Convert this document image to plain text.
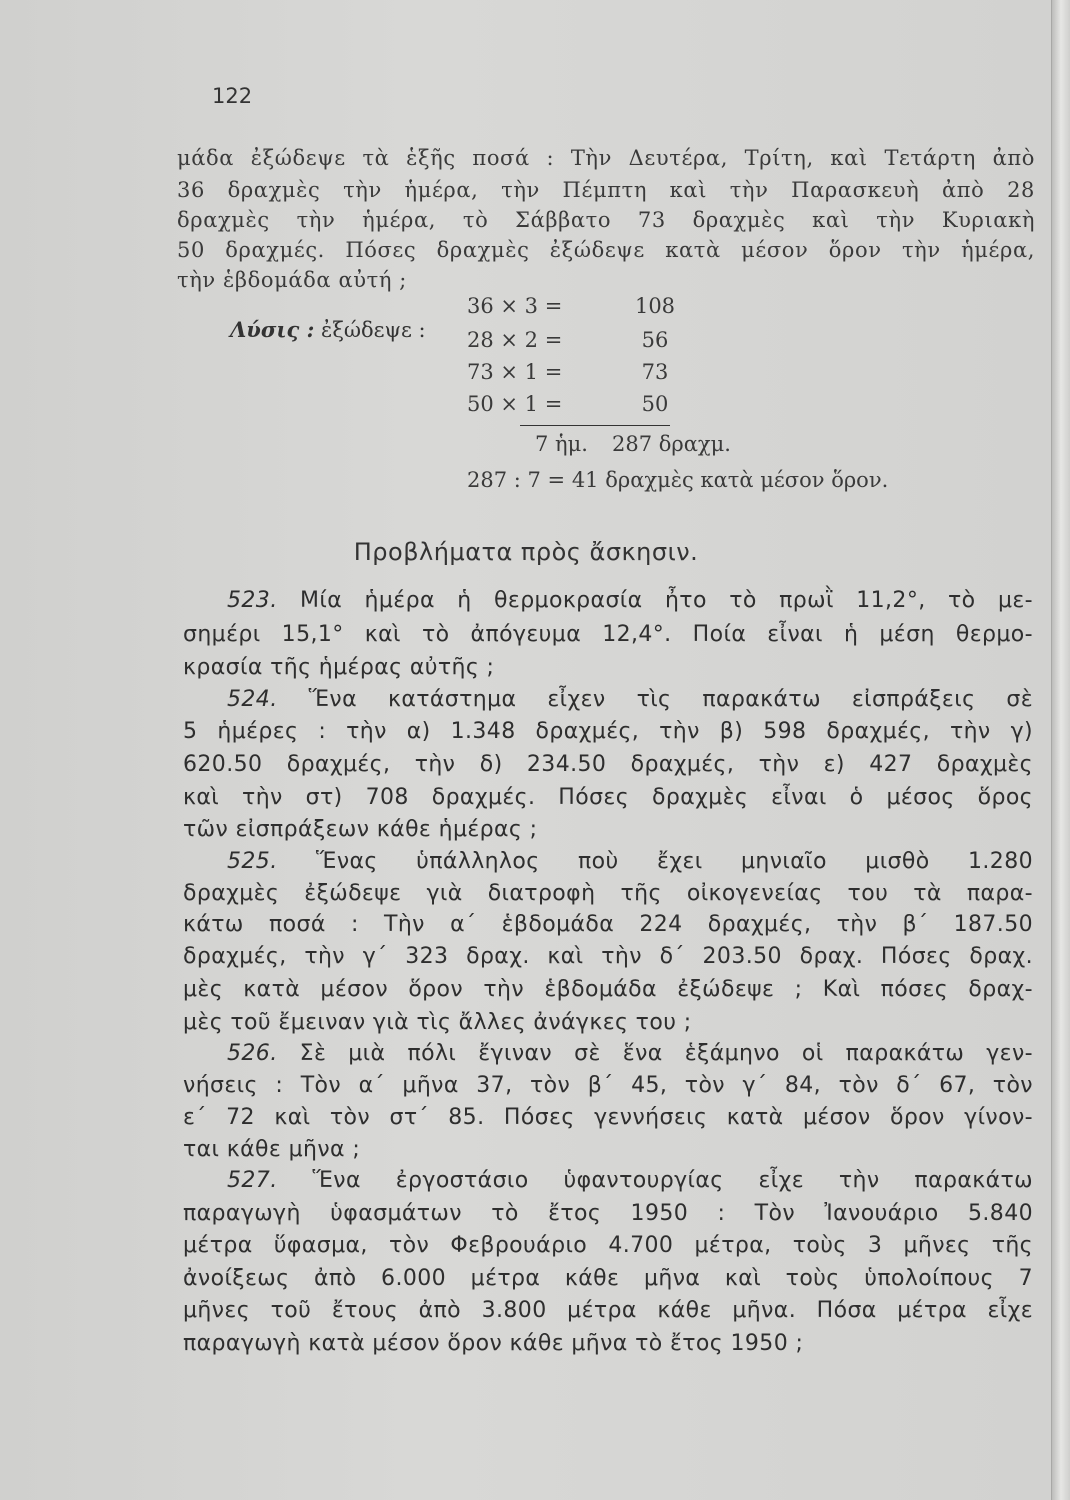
122
μάδα ἐξώδεψε τὰ ἑξῆς ποσά : Τὴν Δευτέρα, Τρίτη, καὶ Τετάρτη ἀπὸ
36 δραχμὲς τὴν ἡμέρα, τὴν Πέμπτη καὶ τὴν Παρασκευὴ ἀπὸ 28
δραχμὲς τὴν ἡμέρα, τὸ Σάββατο 73 δραχμὲς καὶ τὴν Κυριακὴ
50 δραχμές. Πόσες δραχμὲς ἐξώδεψε κατὰ μέσον ὅρον τὴν ἡμέρα,
τὴν ἑβδομάδα αὐτή ;
Λύσις : ἐξώδεψε :
36 × 3 =	108
28 × 2 =	56
73 × 1 =	73
50 × 1 =	50
7 ἡμ. 287 δραχμ.
287 : 7 = 41 δραχμὲς κατὰ μέσον ὅρον.
Προβλήματα πρὸς ἄσκησιν.
523. Μία ἡμέρα ἡ θερμοκρασία ἦτο τὸ πρωῒ 11,2°, τὸ με-
σημέρι 15,1° καὶ τὸ ἀπόγευμα 12,4°. Ποία εἶναι ἡ μέση θερμο-
κρασία τῆς ἡμέρας αὐτῆς ;
524. Ἕνα κατάστημα εἶχεν τὶς παρακάτω εἰσπράξεις σὲ
5 ἡμέρες : τὴν α) 1.348 δραχμές, τὴν β) 598 δραχμές, τὴν γ)
620.50 δραχμές, τὴν δ) 234.50 δραχμές, τὴν ε) 427 δραχμὲς
καὶ τὴν στ) 708 δραχμές. Πόσες δραχμὲς εἶναι ὁ μέσος ὅρος
τῶν εἰσπράξεων κάθε ἡμέρας ;
525. Ἕνας ὑπάλληλος ποὺ ἔχει μηνιαῖο μισθὸ 1.280
δραχμὲς ἐξώδεψε γιὰ διατροφὴ τῆς οἰκογενείας του τὰ παρα-
κάτω ποσά : Τὴν α΄ ἑβδομάδα 224 δραχμές, τὴν β΄ 187.50
δραχμές, τὴν γ΄ 323 δραχ. καὶ τὴν δ΄ 203.50 δραχ. Πόσες δραχ.
μὲς κατὰ μέσον ὅρον τὴν ἑβδομάδα ἐξώδεψε ; Καὶ πόσες δραχ-
μὲς τοῦ ἔμειναν γιὰ τὶς ἄλλες ἀνάγκες του ;
526. Σὲ μιὰ πόλι ἔγιναν σὲ ἕνα ἑξάμηνο οἱ παρακάτω γεν-
νήσεις : Τὸν α΄ μῆνα 37, τὸν β΄ 45, τὸν γ΄ 84, τὸν δ΄ 67, τὸν
ε΄ 72 καὶ τὸν στ΄ 85. Πόσες γεννήσεις κατὰ μέσον ὅρον γίνον-
ται κάθε μῆνα ;
527. Ἕνα ἐργοστάσιο ὑφαντουργίας εἶχε τὴν παρακάτω
παραγωγὴ ὑφασμάτων τὸ ἔτος 1950 : Τὸν Ἰανουάριο 5.840
μέτρα ὕφασμα, τὸν Φεβρουάριο 4.700 μέτρα, τοὺς 3 μῆνες τῆς
ἀνοίξεως ἀπὸ 6.000 μέτρα κάθε μῆνα καὶ τοὺς ὑπολοίπους 7
μῆνες τοῦ ἔτους ἀπὸ 3.800 μέτρα κάθε μῆνα. Πόσα μέτρα εἶχε
παραγωγὴ κατὰ μέσον ὅρον κάθε μῆνα τὸ ἔτος 1950 ;
